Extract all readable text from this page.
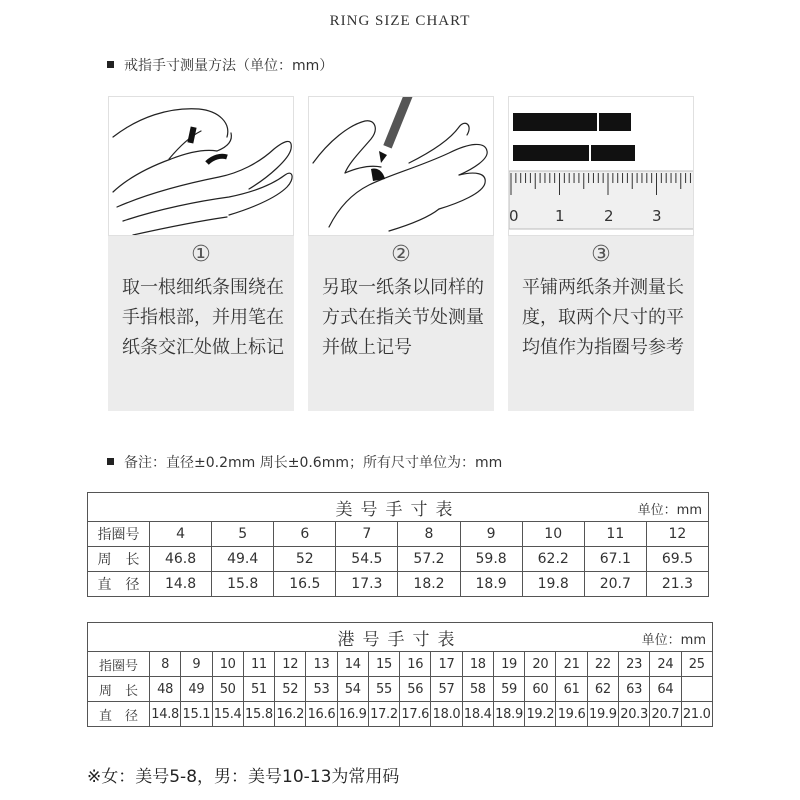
RING SIZE CHART
戒指手寸测量方法（单位：mm）
①
取一根细纸条围绕在手指根部，并用笔在纸条交汇处做上标记
②
另取一纸条以同样的方式在指关节处测量并做上记号
0 1	2	3
③
平铺两纸条并测量长度，取两个尺寸的平均值作为指圈号参考
备注：直径±0.2mm 周长±0.6mm；所有尺寸单位为：mm
美号手寸表 单位：mm									

指圈号	4	5	6	7	8	9	10	11	12
周　长	46.8	49.4	52	54.5	57.2	59.8	62.2	67.1	69.5
直　径	14.8	15.8	16.5	17.3	18.2	18.9	19.8	20.7	21.3
港号手寸表 单位：mm																		

指圈号	8	9	10	11	12	13	14	15	16	17	18	19	20	21	22	23	24	25
周　长	48	49	50	51	52	53	54	55	56	57	58	59	60	61	62	63	64	
直　径	14.8	15.1	15.4	15.8	16.2	16.6	16.9	17.2	17.6	18.0	18.4	18.9	19.2	19.6	19.9	20.3	20.7	21.0
※女：美号5-8，男：美号10-13为常用码
